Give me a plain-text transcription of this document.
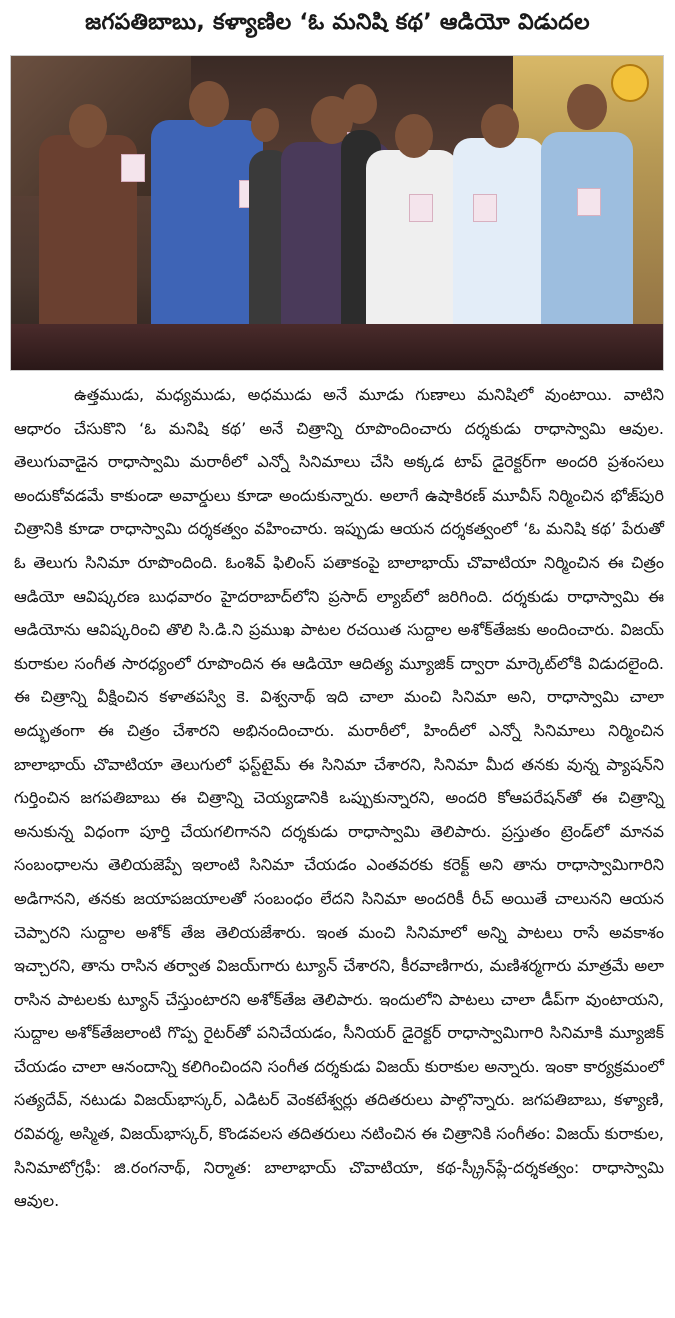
జగపతిబాబు, కళ్యాణిల ‘ఓ మనిషి కథ’ ఆడియో విడుదల

ఉత్తముడు, మధ్యముడు, అధముడు అనే మూడు గుణాలు మనిషిలో వుంటాయి. వాటిని ఆధారం చేసుకొని ‘ఓ మనిషి కథ’ అనే చిత్రాన్ని రూపొందించారు దర్శకుడు రాధాస్వామి ఆవుల. తెలుగువాడైన రాధాస్వామి మరాఠీలో ఎన్నో సినిమాలు చేసి అక్కడ టాప్ డైరెక్టర్‌గా అందరి ప్రశంసలు అందుకోవడమే కాకుండా అవార్డులు కూడా అందుకున్నారు. అలాగే ఉషాకిరణ్ మూవీస్ నిర్మించిన భోజ్‌పురి చిత్రానికి కూడా రాధాస్వామి దర్శకత్వం వహించారు. ఇప్పుడు ఆయన దర్శకత్వంలో ‘ఓ మనిషి కథ’ పేరుతో ఓ తెలుగు సినిమా రూపొందింది. ఓంశివ్ ఫిలింస్ పతాకంపై బాలాభాయ్ చొవాటియా నిర్మించిన ఈ చిత్రం ఆడియో ఆవిష్కరణ బుధవారం హైదరాబాద్‌లోని ప్రసాద్ ల్యాబ్‌లో జరిగింది. దర్శకుడు రాధాస్వామి ఈ ఆడియోను ఆవిష్కరించి తొలి సి.డి.ని ప్రముఖ పాటల రచయిత సుద్దాల అశోక్‌తేజకు అందించారు. విజయ్ కురాకుల సంగీత సారధ్యంలో రూపొందిన ఈ ఆడియో ఆదిత్య మ్యూజిక్ ద్వారా మార్కెట్‌లోకి విడుదలైంది. ఈ చిత్రాన్ని వీక్షించిన కళాతపస్వి కె. విశ్వనాథ్ ఇది చాలా మంచి సినిమా అని, రాధాస్వామి చాలా అద్భుతంగా ఈ చిత్రం చేశారని అభినందించారు. మరాఠీలో, హిందీలో ఎన్నో సినిమాలు నిర్మించిన బాలాభాయ్ చొవాటియా తెలుగులో ఫస్ట్‌టైమ్ ఈ సినిమా చేశారని, సినిమా మీద తనకు వున్న ప్యాషన్‌ని గుర్తించిన జగపతిబాబు ఈ చిత్రాన్ని చెయ్యడానికి ఒప్పుకున్నారని, అందరి కోఆపరేషన్‌తో ఈ చిత్రాన్ని అనుకున్న విధంగా పూర్తి చేయగలిగానని దర్శకుడు రాధాస్వామి తెలిపారు. ప్రస్తుతం ట్రెండ్‌లో మానవ సంబంధాలను తెలియజెప్పే ఇలాంటి సినిమా చేయడం ఎంతవరకు కరెక్ట్ అని తాను రాధాస్వామిగారిని అడిగానని, తనకు జయాపజయాలతో సంబంధం లేదని సినిమా అందరికీ రీచ్ అయితే చాలునని ఆయన చెప్పారని సుద్దాల అశోక్ తేజ తెలియజేశారు. ఇంత మంచి సినిమాలో అన్ని పాటలు రాసే అవకాశం ఇచ్చారని, తాను రాసిన తర్వాత విజయ్‌గారు ట్యూన్ చేశారని, కీరవాణిగారు, మణిశర్మగారు మాత్రమే అలా రాసిన పాటలకు ట్యూన్ చేస్తుంటారని అశోక్‌తేజ తెలిపారు. ఇందులోని పాటలు చాలా డీప్‌గా వుంటాయని, సుద్దాల అశోక్‌తేజలాంటి గొప్ప రైటర్‌తో పనిచేయడం, సీనియర్ డైరెక్టర్ రాధాస్వామిగారి సినిమాకి మ్యూజిక్ చేయడం చాలా ఆనందాన్ని కలిగించిందని సంగీత దర్శకుడు విజయ్ కురాకుల అన్నారు. ఇంకా కార్యక్రమంలో సత్యదేవ్, నటుడు విజయ్‌భాస్కర్, ఎడిటర్ వెంకటేశ్వర్లు తదితరులు పాల్గొన్నారు. జగపతిబాబు, కళ్యాణి, రవివర్మ, అస్మిత, విజయ్‌భాస్కర్, కొండవలస తదితరులు నటించిన ఈ చిత్రానికి సంగీతం: విజయ్ కురాకుల, సినిమాటోగ్రఫీ: జి.రంగనాథ్, నిర్మాత: బాలాభాయ్ చొవాటియా, కథ-స్క్రీన్‌ప్లే-దర్శకత్వం: రాధాస్వామి ఆవుల.
